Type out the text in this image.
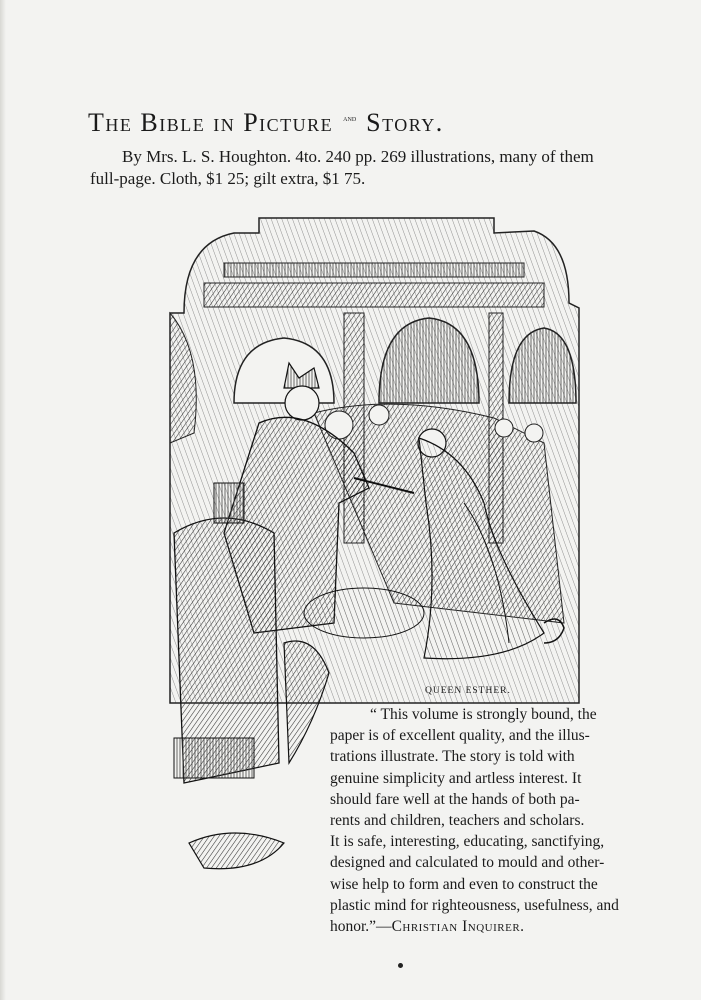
The Bible in Picture $^{and}$ Story.
By Mrs. L. S. Houghton. 4to. 240 pp. 269 illustrations, many of them
full-page. Cloth, $1 25; gilt extra, $1 75.
QUEEN ESTHER.

“ This volume is strongly bound, the

paper is of excellent quality, and the illus-

trations illustrate. The story is told with

genuine simplicity and artless interest. It

should fare well at the hands of both pa-

rents and children, teachers and scholars.

It is safe, interesting, educating, sanctifying,

designed and calculated to mould and other-

wise help to form and even to construct the

plastic mind for righteousness, usefulness, and

honor.”—Christian Inquirer.
